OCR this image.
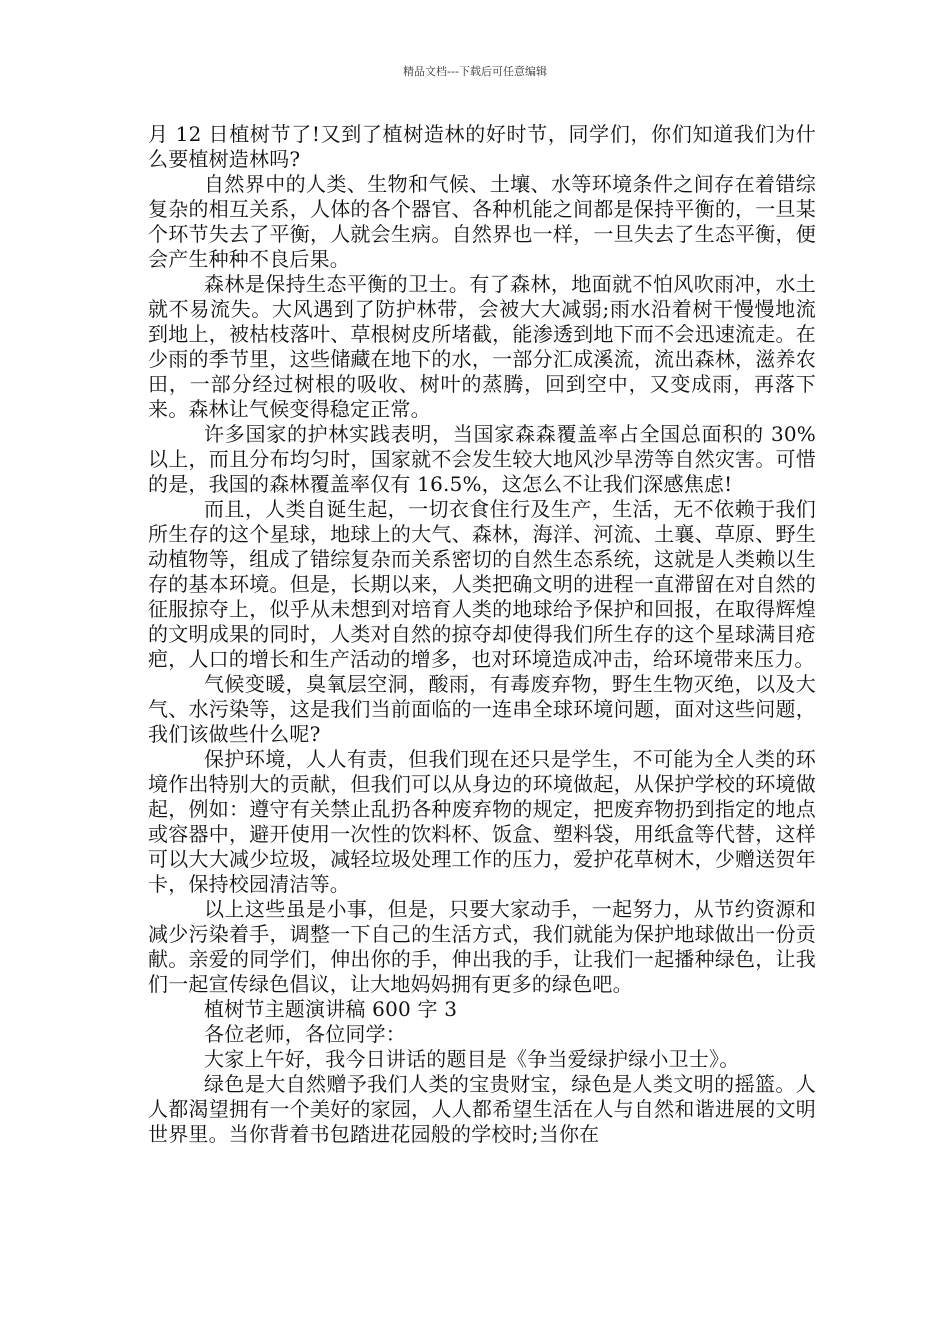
精品文档---下载后可任意编辑

月 12 日植树节了!又到了植树造林的好时节，同学们，你们知道我们为什么要植树造林吗?

自然界中的人类、生物和气候、土壤、水等环境条件之间存在着错综复杂的相互关系，人体的各个器官、各种机能之间都是保持平衡的，一旦某个环节失去了平衡，人就会生病。自然界也一样，一旦失去了生态平衡，便会产生种种不良后果。

森林是保持生态平衡的卫士。有了森林，地面就不怕风吹雨冲，水土就不易流失。大风遇到了防护林带，会被大大减弱;雨水沿着树干慢慢地流到地上，被枯枝落叶、草根树皮所堵截，能渗透到地下而不会迅速流走。在少雨的季节里，这些储藏在地下的水，一部分汇成溪流，流出森林，滋养农田，一部分经过树根的吸收、树叶的蒸腾，回到空中，又变成雨，再落下来。森林让气候变得稳定正常。

许多国家的护林实践表明，当国家森森覆盖率占全国总面积的 30%以上，而且分布均匀时，国家就不会发生较大地风沙旱涝等自然灾害。可惜的是，我国的森林覆盖率仅有 16.5%，这怎么不让我们深感焦虑!

而且，人类自诞生起，一切衣食住行及生产，生活，无不依赖于我们所生存的这个星球，地球上的大气、森林，海洋、河流、土襄、草原、野生动植物等，组成了错综复杂而关系密切的自然生态系统，这就是人类赖以生存的基本环境。但是，长期以来，人类把确文明的进程一直滞留在对自然的征服掠夺上，似乎从未想到对培育人类的地球给予保护和回报，在取得辉煌的文明成果的同时，人类对自然的掠夺却使得我们所生存的这个星球满目疮疤，人口的增长和生产活动的增多，也对环境造成冲击，给环境带来压力。

气候变暖，臭氧层空洞，酸雨，有毒废弃物，野生生物灭绝，以及大气、水污染等，这是我们当前面临的一连串全球环境问题，面对这些问题，我们该做些什么呢?

保护环境，人人有责，但我们现在还只是学生，不可能为全人类的环境作出特别大的贡献，但我们可以从身边的环境做起，从保护学校的环境做起，例如：遵守有关禁止乱扔各种废弃物的规定，把废弃物扔到指定的地点或容器中，避开使用一次性的饮料杯、饭盒、塑料袋，用纸盒等代替，这样可以大大减少垃圾，减轻垃圾处理工作的压力，爱护花草树木，少赠送贺年卡，保持校园清洁等。

以上这些虽是小事，但是，只要大家动手，一起努力，从节约资源和减少污染着手，调整一下自己的生活方式，我们就能为保护地球做出一份贡献。亲爱的同学们，伸出你的手，伸出我的手，让我们一起播种绿色，让我们一起宣传绿色倡议，让大地妈妈拥有更多的绿色吧。

植树节主题演讲稿 600 字 3

各位老师，各位同学：

大家上午好，我今日讲话的题目是《争当爱绿护绿小卫士》。

绿色是大自然赠予我们人类的宝贵财宝，绿色是人类文明的摇篮。人人都渴望拥有一个美好的家园，人人都希望生活在人与自然和谐进展的文明世界里。当你背着书包踏进花园般的学校时;当你在
